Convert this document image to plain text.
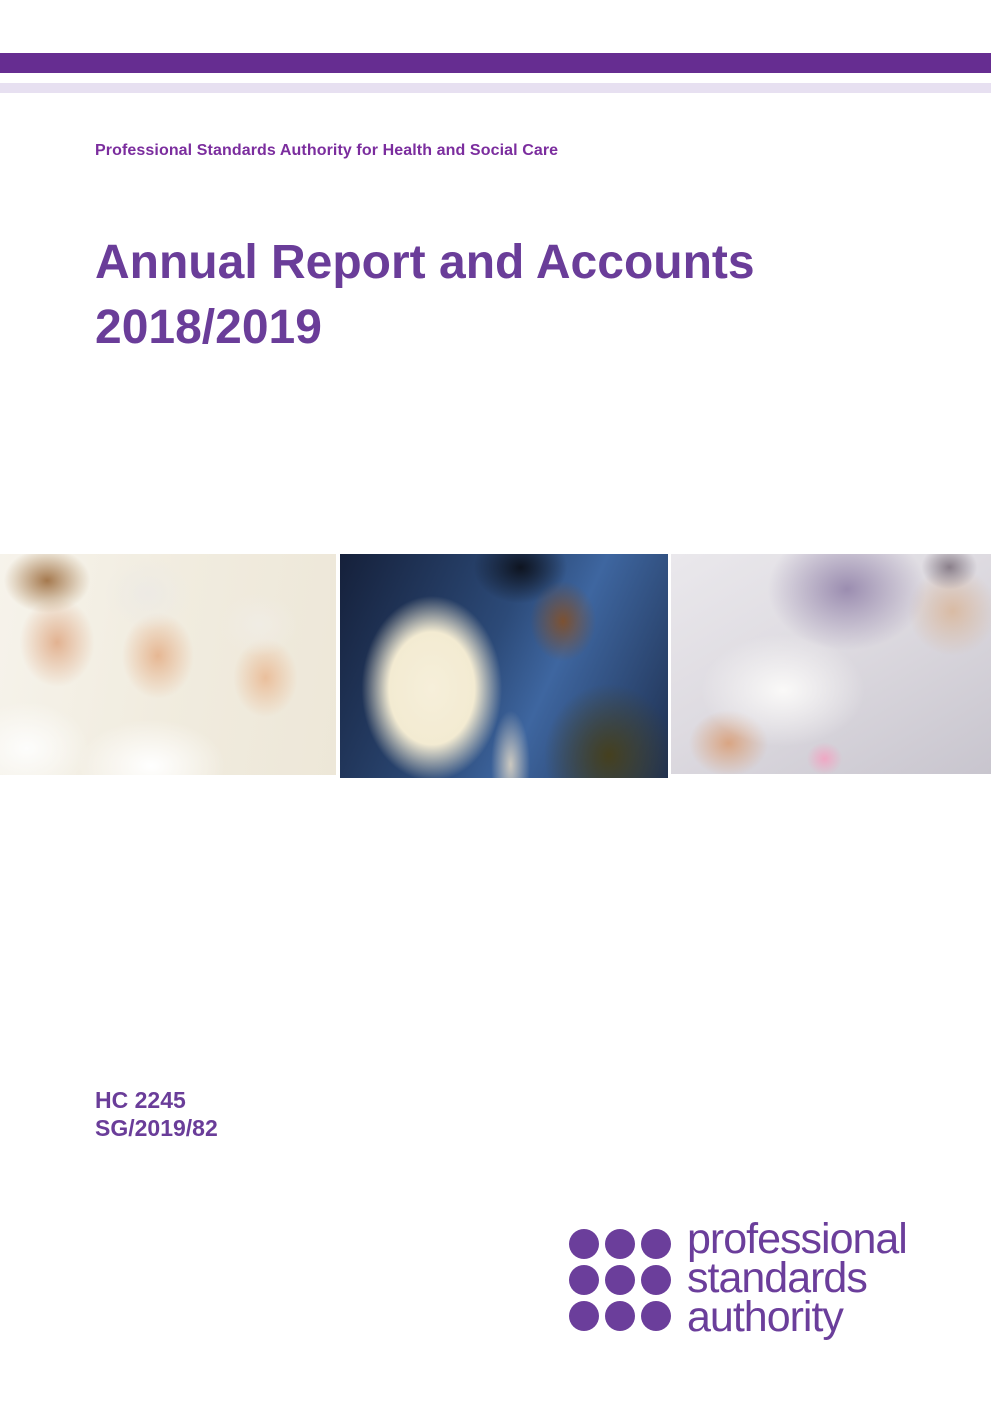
Professional Standards Authority for Health and Social Care
Annual Report and Accounts
2018/2019
HC 2245
SG/2019/82
professional
standards
authority
